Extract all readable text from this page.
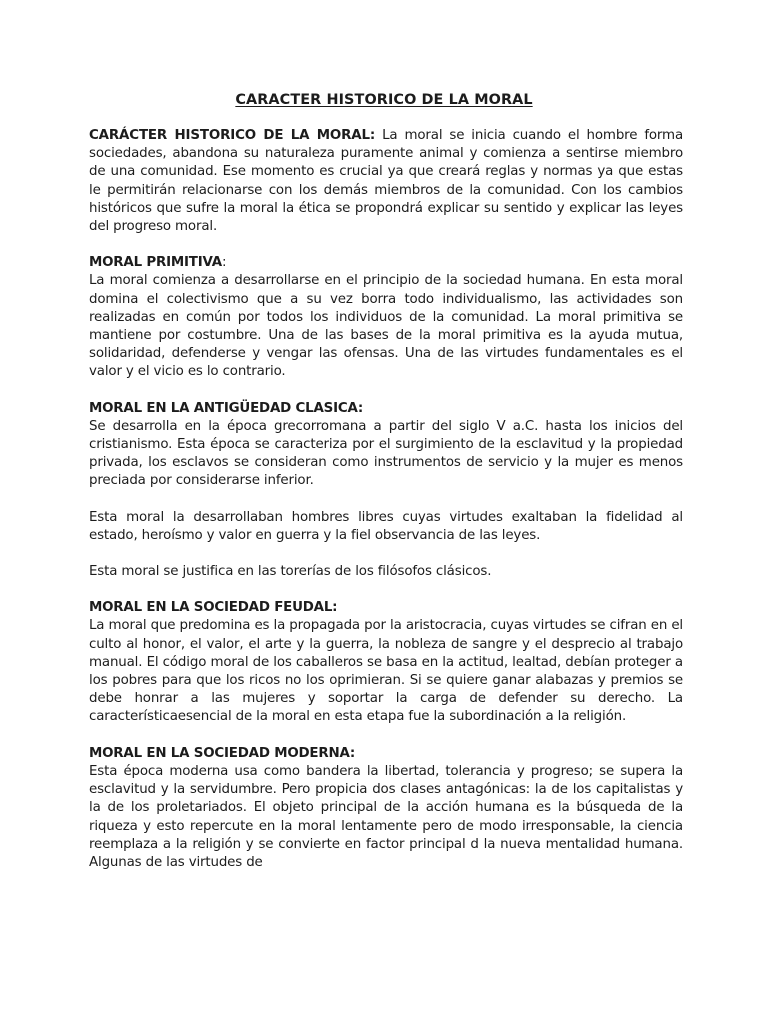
CARACTER HISTORICO DE LA MORAL

CARÁCTER HISTORICO DE LA MORAL: La moral se inicia cuando el hombre forma sociedades, abandona su naturaleza puramente animal y comienza a sentirse miembro de una comunidad. Ese momento es crucial ya que creará reglas y normas ya que estas le permitirán relacionarse con los demás miembros de la comunidad. Con los cambios históricos que sufre la moral la ética se propondrá explicar su sentido y explicar las leyes del progreso moral.

MORAL PRIMITIVA:

La moral comienza a desarrollarse en el principio de la sociedad humana. En esta moral domina el colectivismo que a su vez borra todo individualismo, las actividades son realizadas en común por todos los individuos de la comunidad. La moral primitiva se mantiene por costumbre. Una de las bases de la moral primitiva es la ayuda mutua, solidaridad, defenderse y vengar las ofensas. Una de las virtudes fundamentales es el valor y el vicio es lo contrario.

MORAL EN LA ANTIGÜEDAD CLASICA:

Se desarrolla en la época grecorromana a partir del siglo V a.C. hasta los inicios del cristianismo. Esta época se caracteriza por el surgimiento de la esclavitud y la propiedad privada, los esclavos se consideran como instrumentos de servicio y la mujer es menos preciada por considerarse inferior.

Esta moral la desarrollaban hombres libres cuyas virtudes exaltaban la fidelidad al estado, heroísmo y valor en guerra y la fiel observancia de las leyes.

Esta moral se justifica en las torerías de los filósofos clásicos.

MORAL EN LA SOCIEDAD FEUDAL:

La moral que predomina es la propagada por la aristocracia, cuyas virtudes se cifran en el culto al honor, el valor, el arte y la guerra, la nobleza de sangre y el desprecio al trabajo manual. El código moral de los caballeros se basa en la actitud, lealtad, debían proteger a los pobres para que los ricos no los oprimieran. Si se quiere ganar alabazas y premios se debe honrar a las mujeres y soportar la carga de defender su derecho. La característicaesencial de la moral en esta etapa fue la subordinación a la religión.

MORAL EN LA SOCIEDAD MODERNA:

Esta época moderna usa como bandera la libertad, tolerancia y progreso; se supera la esclavitud y la servidumbre. Pero propicia dos clases antagónicas: la de los capitalistas y la de los proletariados. El objeto principal de la acción humana es la búsqueda de la riqueza y esto repercute en la moral lentamente pero de modo irresponsable, la ciencia reemplaza a la religión y se convierte en factor principal d la nueva mentalidad humana. Algunas de las virtudes de
